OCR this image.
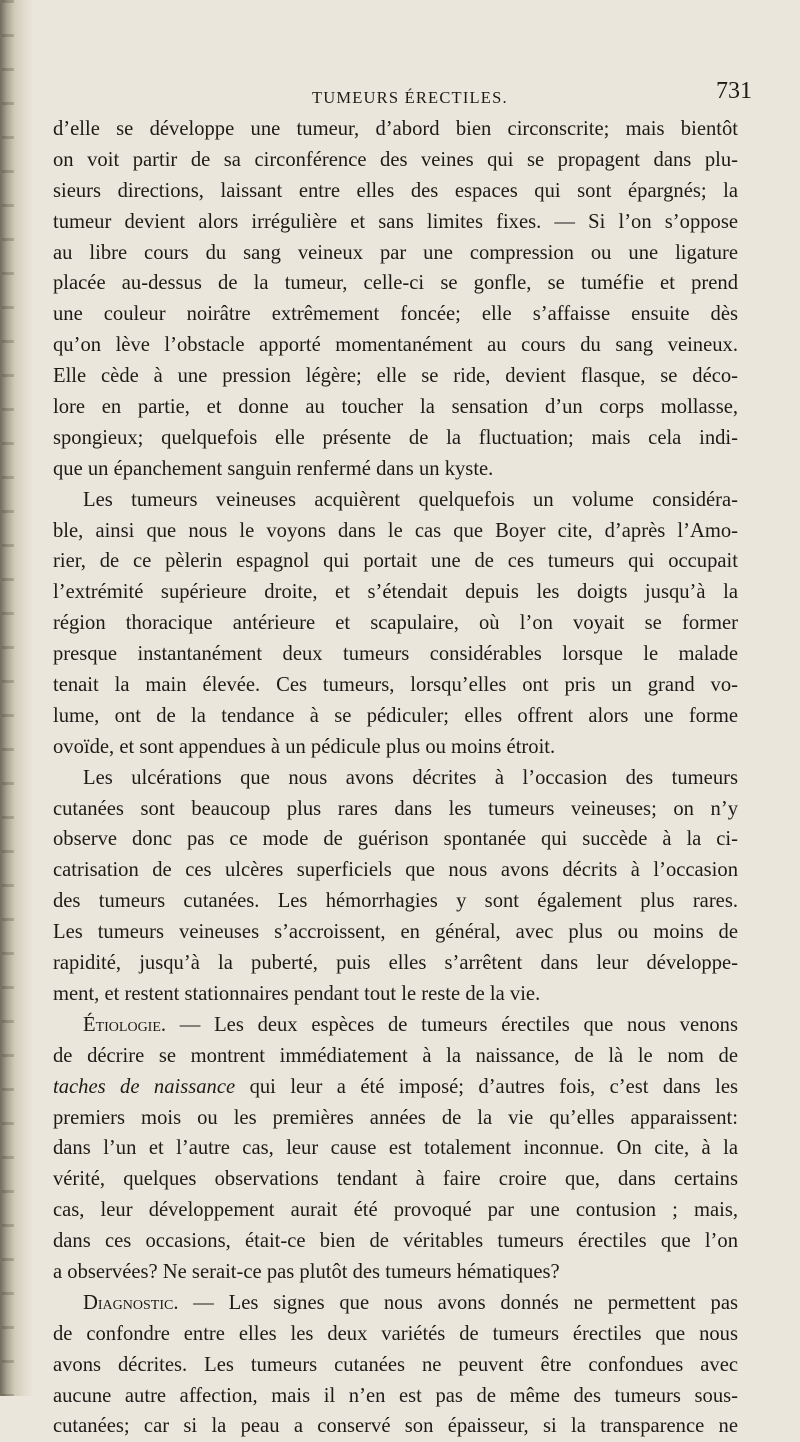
TUMEURS ÉRECTILES.	731
d’elle se développe une tumeur, d’abord bien circonscrite; mais bientôt
on voit partir de sa circonférence des veines qui se propagent dans plu-
sieurs directions, laissant entre elles des espaces qui sont épargnés; la
tumeur devient alors irrégulière et sans limites fixes. — Si l’on s’oppose
au libre cours du sang veineux par une compression ou une ligature
placée au-dessus de la tumeur, celle-ci se gonfle, se tuméfie et prend
une couleur noirâtre extrêmement foncée; elle s’affaisse ensuite dès
qu’on lève l’obstacle apporté momentanément au cours du sang veineux.
Elle cède à une pression légère; elle se ride, devient flasque, se déco-
lore en partie, et donne au toucher la sensation d’un corps mollasse,
spongieux; quelquefois elle présente de la fluctuation; mais cela indi-
que un épanchement sanguin renfermé dans un kyste.
Les tumeurs veineuses acquièrent quelquefois un volume considéra-
ble, ainsi que nous le voyons dans le cas que Boyer cite, d’après l’Amo-
rier, de ce pèlerin espagnol qui portait une de ces tumeurs qui occupait
l’extrémité supérieure droite, et s’étendait depuis les doigts jusqu’à la
région thoracique antérieure et scapulaire, où l’on voyait se former
presque instantanément deux tumeurs considérables lorsque le malade
tenait la main élevée. Ces tumeurs, lorsqu’elles ont pris un grand vo-
lume, ont de la tendance à se pédiculer; elles offrent alors une forme
ovoïde, et sont appendues à un pédicule plus ou moins étroit.
Les ulcérations que nous avons décrites à l’occasion des tumeurs
cutanées sont beaucoup plus rares dans les tumeurs veineuses; on n’y
observe donc pas ce mode de guérison spontanée qui succède à la ci-
catrisation de ces ulcères superficiels que nous avons décrits à l’occasion
des tumeurs cutanées. Les hémorrhagies y sont également plus rares.
Les tumeurs veineuses s’accroissent, en général, avec plus ou moins de
rapidité, jusqu’à la puberté, puis elles s’arrêtent dans leur développe-
ment, et restent stationnaires pendant tout le reste de la vie.
Étiologie. — Les deux espèces de tumeurs érectiles que nous venons
de décrire se montrent immédiatement à la naissance, de là le nom de
taches de naissance qui leur a été imposé; d’autres fois, c’est dans les
premiers mois ou les premières années de la vie qu’elles apparaissent:
dans l’un et l’autre cas, leur cause est totalement inconnue. On cite, à la
vérité, quelques observations tendant à faire croire que, dans certains
cas, leur développement aurait été provoqué par une contusion ; mais,
dans ces occasions, était-ce bien de véritables tumeurs érectiles que l’on
a observées? Ne serait-ce pas plutôt des tumeurs hématiques?
Diagnostic. — Les signes que nous avons donnés ne permettent pas
de confondre entre elles les deux variétés de tumeurs érectiles que nous
avons décrites. Les tumeurs cutanées ne peuvent être confondues avec
aucune autre affection, mais il n’en est pas de même des tumeurs sous-
cutanées; car si la peau a conservé son épaisseur, si la transparence ne
